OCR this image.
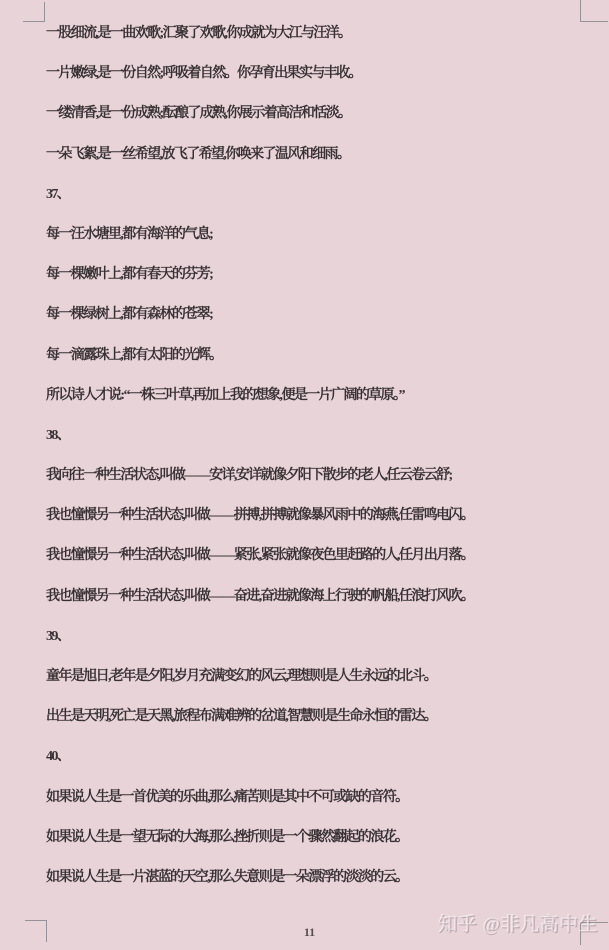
一股细流,是一曲欢歌;汇聚了欢歌,你成就为大江与汪洋。
一片嫩绿,是一份自然;呼吸着自然。你孕育出果实与丰收。
一缕清香,是一份成熟;酝酿了成熟,你展示着高洁和恬淡。
一朵飞絮,是一丝希望,放飞了希望,你唤来了温风和细雨。
37、
每一汪水塘里,都有海洋的气息;
每一棵嫩叶上,都有春天的芬芳;
每一棵绿树上,都有森林的苍翠;
每一滴露珠上,都有太阳的光辉。
所以诗人才说:“一株三叶草,再加上我的想象,便是一片广阔的草原。”
38、
我向往一种生活状态,叫做——安详,安详就像夕阳下散步的老人,任云卷云舒;
我也憧憬另一种生活状态,叫做——拼搏,拼搏就像暴风雨中的海燕,任雷鸣电闪。
我也憧憬另一种生活状态,叫做——紧张,紧张就像夜色里赶路的人,任月出月落。
我也憧憬另一种生活状态,叫做——奋进,奋进就像海上行驶的帆船,任浪打风吹。
39、
童年是旭日,老年是夕阳,岁月充满变幻的风云,理想则是人生永远的北斗。
出生是天明,死亡是天黑,旅程布满难辨的岔道,智慧则是生命永恒的雷达。
40、
如果说人生是一首优美的乐曲,那么痛苦则是其中不可或缺的音符。
如果说人生是一望无际的大海,那么挫折则是一个骤然翻起的浪花。
如果说人生是一片湛蓝的天空,那么失意则是一朵漂浮的淡淡的云。
知乎 @非凡高中生
11
